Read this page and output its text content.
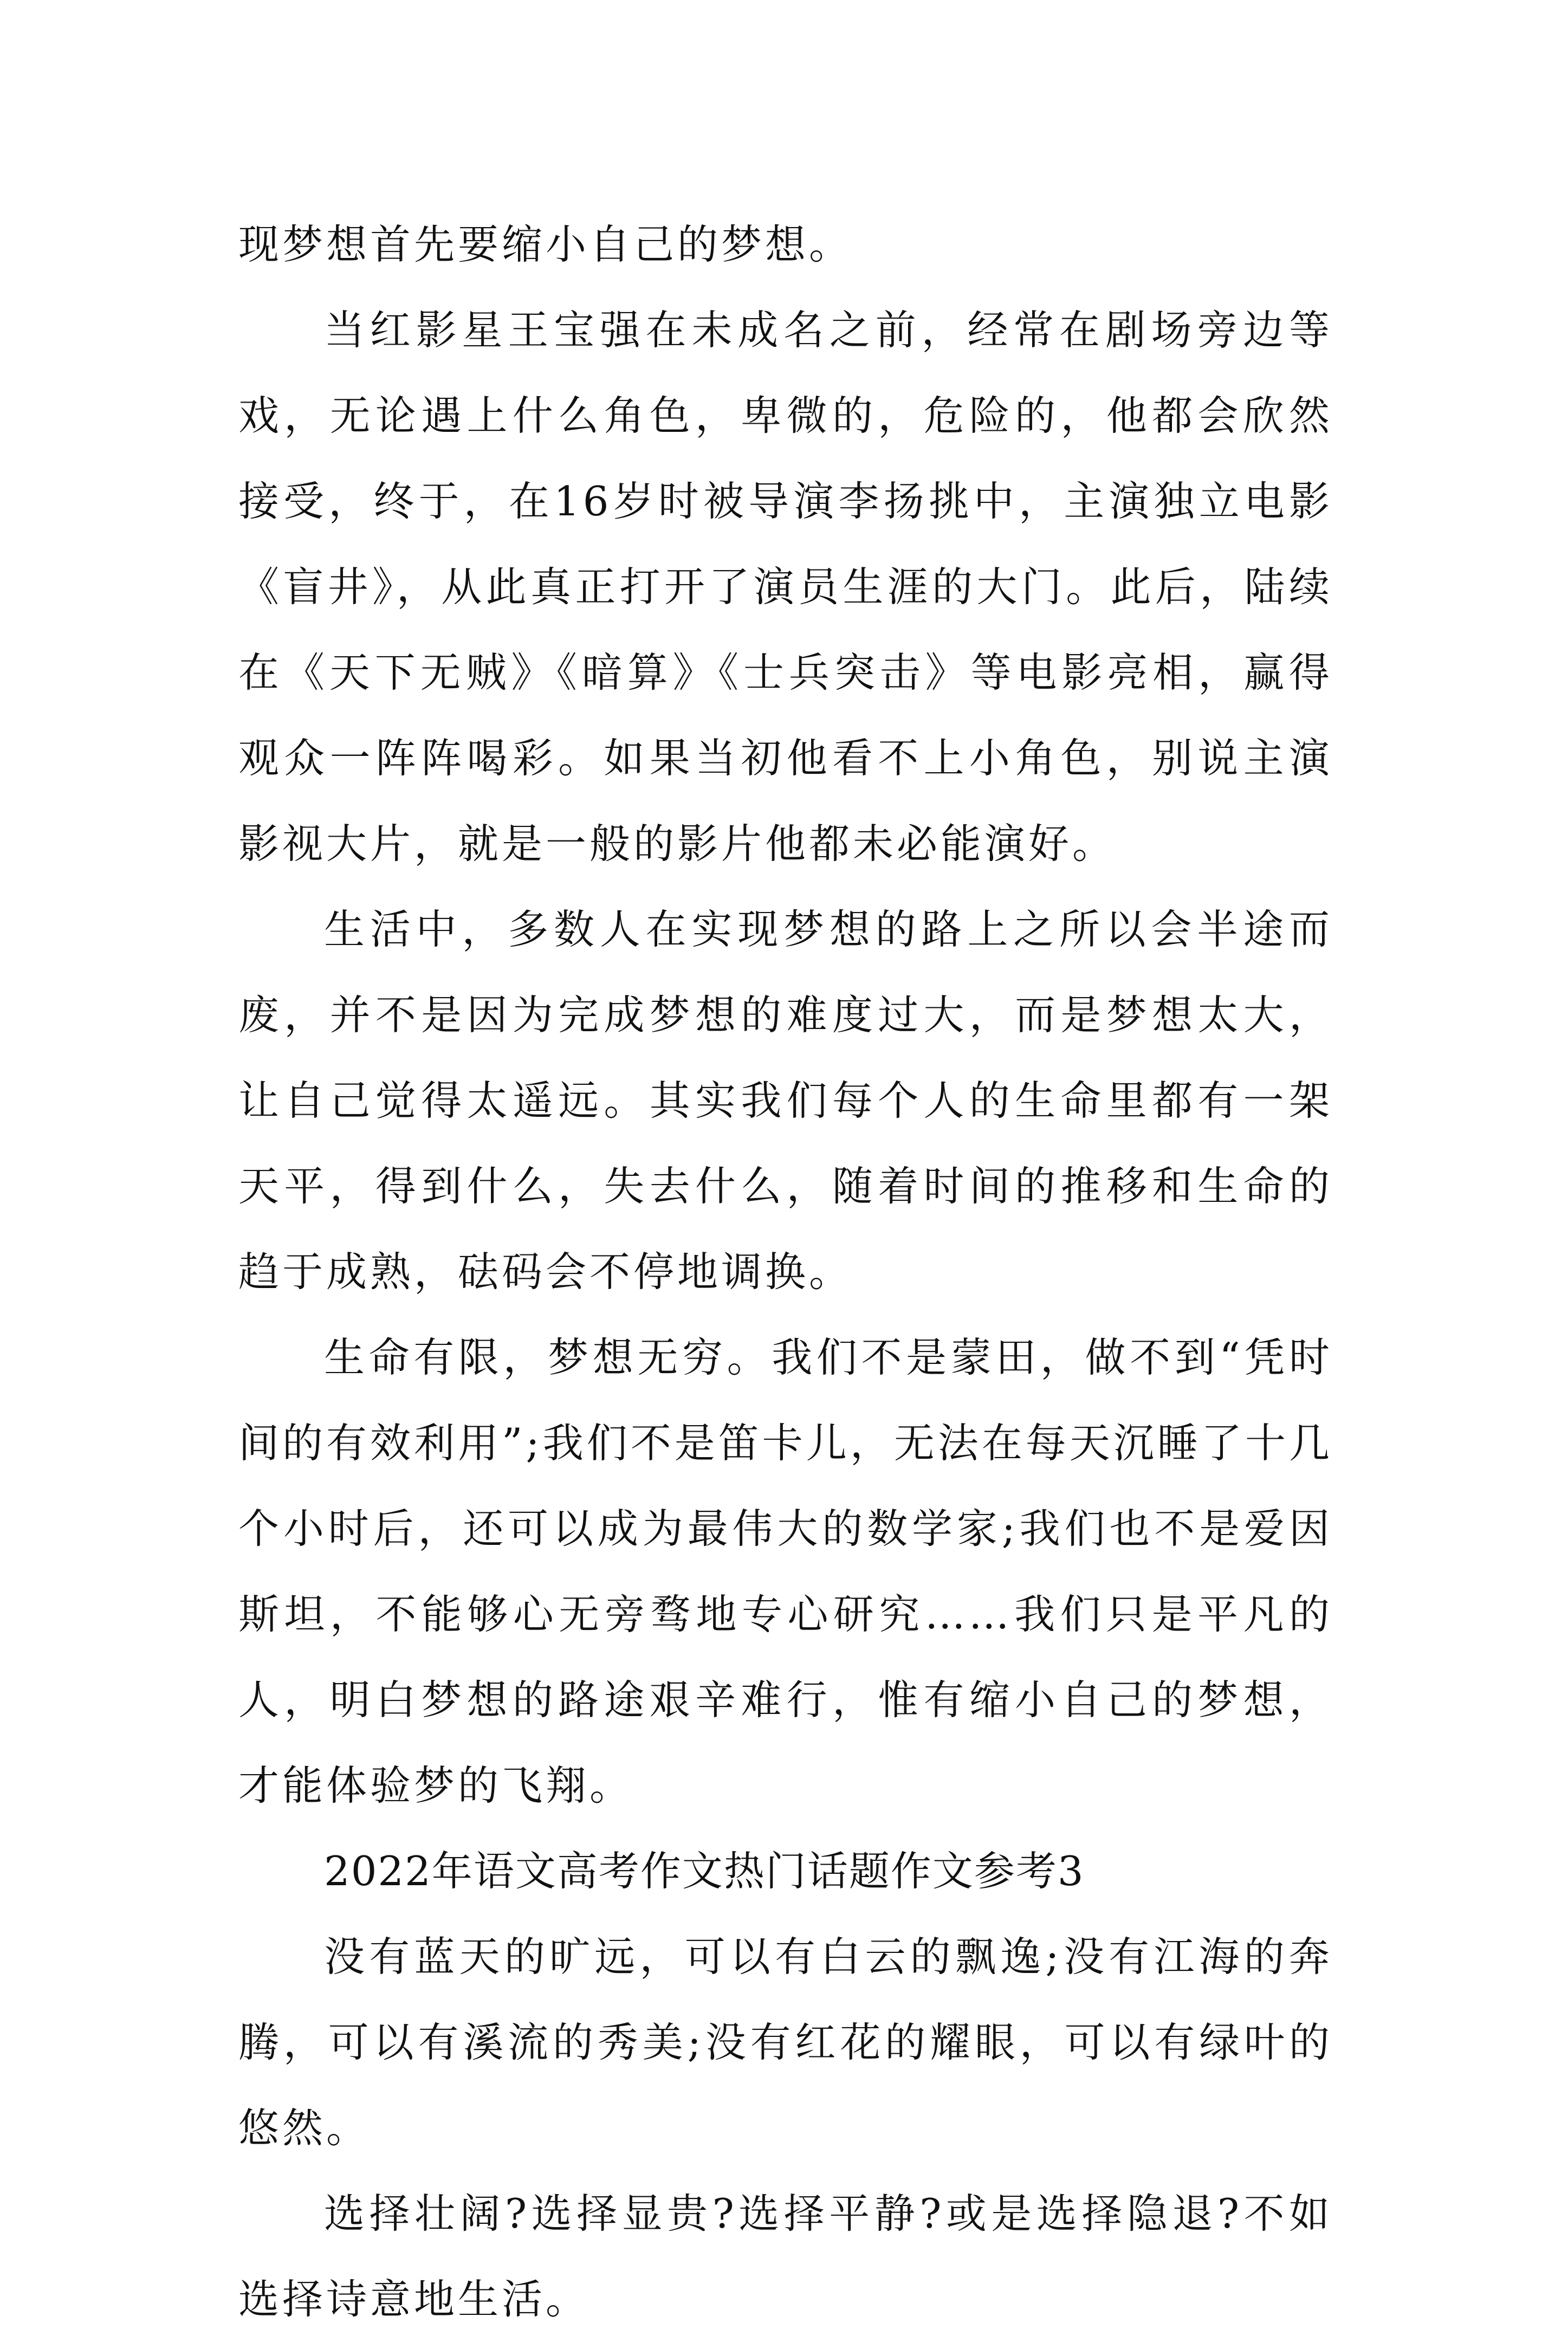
现梦想首先要缩小自己的梦想。

当红影星王宝强在未成名之前，经常在剧场旁边等戏，无论遇上什么角色，卑微的，危险的，他都会欣然接受，终于，在16岁时被导演李扬挑中，主演独立电影《盲井》，从此真正打开了演员生涯的大门。此后，陆续在《天下无贼》《暗算》《士兵突击》等电影亮相，赢得观众一阵阵喝彩。如果当初他看不上小角色，别说主演影视大片，就是一般的影片他都未必能演好。

生活中，多数人在实现梦想的路上之所以会半途而废，并不是因为完成梦想的难度过大，而是梦想太大，让自己觉得太遥远。其实我们每个人的生命里都有一架天平，得到什么，失去什么，随着时间的推移和生命的趋于成熟，砝码会不停地调换。

生命有限，梦想无穷。我们不是蒙田，做不到“凭时间的有效利用”;我们不是笛卡儿，无法在每天沉睡了十几个小时后，还可以成为最伟大的数学家;我们也不是爱因斯坦，不能够心无旁骛地专心研究……我们只是平凡的人，明白梦想的路途艰辛难行，惟有缩小自己的梦想，才能体验梦的飞翔。

2022年语文高考作文热门话题作文参考3

没有蓝天的旷远，可以有白云的飘逸;没有江海的奔腾，可以有溪流的秀美;没有红花的耀眼，可以有绿叶的悠然。

选择壮阔?选择显贵?选择平静?或是选择隐退?不如选择诗意地生活。
